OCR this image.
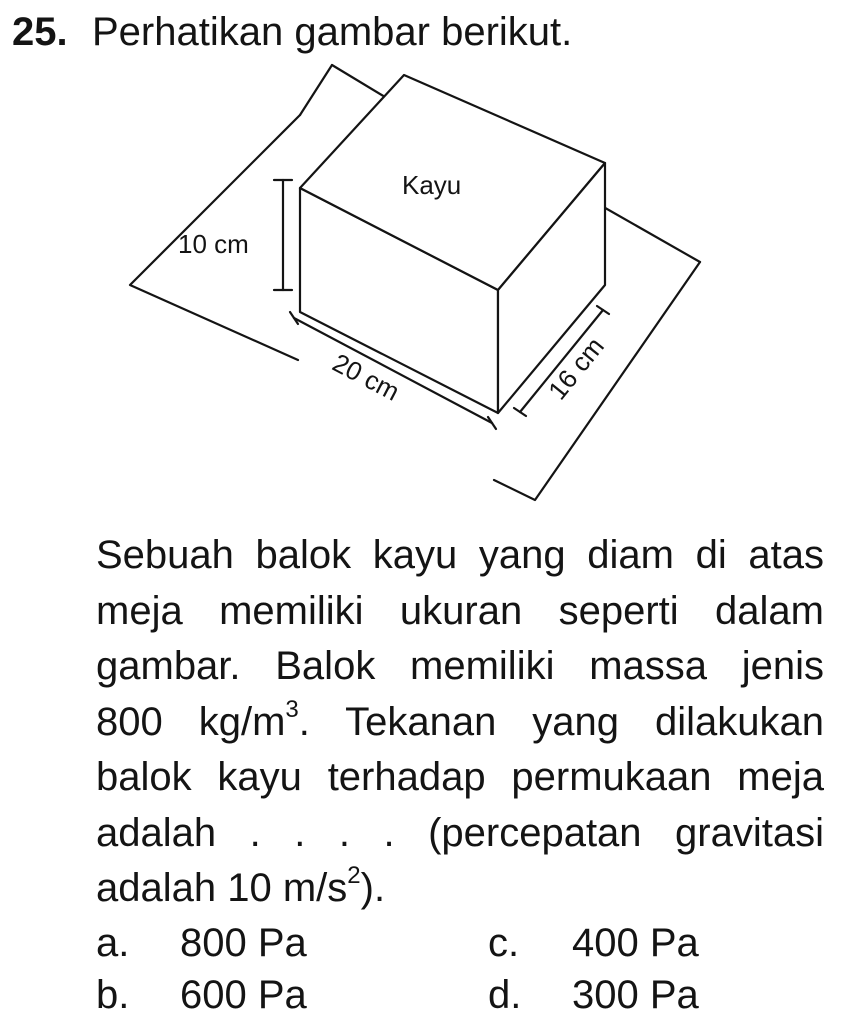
25. Perhatikan gambar berikut.
Kayu
10 cm
20 cm	16 cm

Sebuah balok kayu yang diam di atas
meja memiliki ukuran seperti dalam
gambar. Balok memiliki massa jenis
800 $kg/m^3$. Tekanan yang dilakukan
balok kayu terhadap permukaan meja
adalah . . . . (percepatan gravitasi
adalah 10 $m/s^2$).

a.	800 Pa
b.	600 Pa
c.	400 Pa
d.	300 Pa
